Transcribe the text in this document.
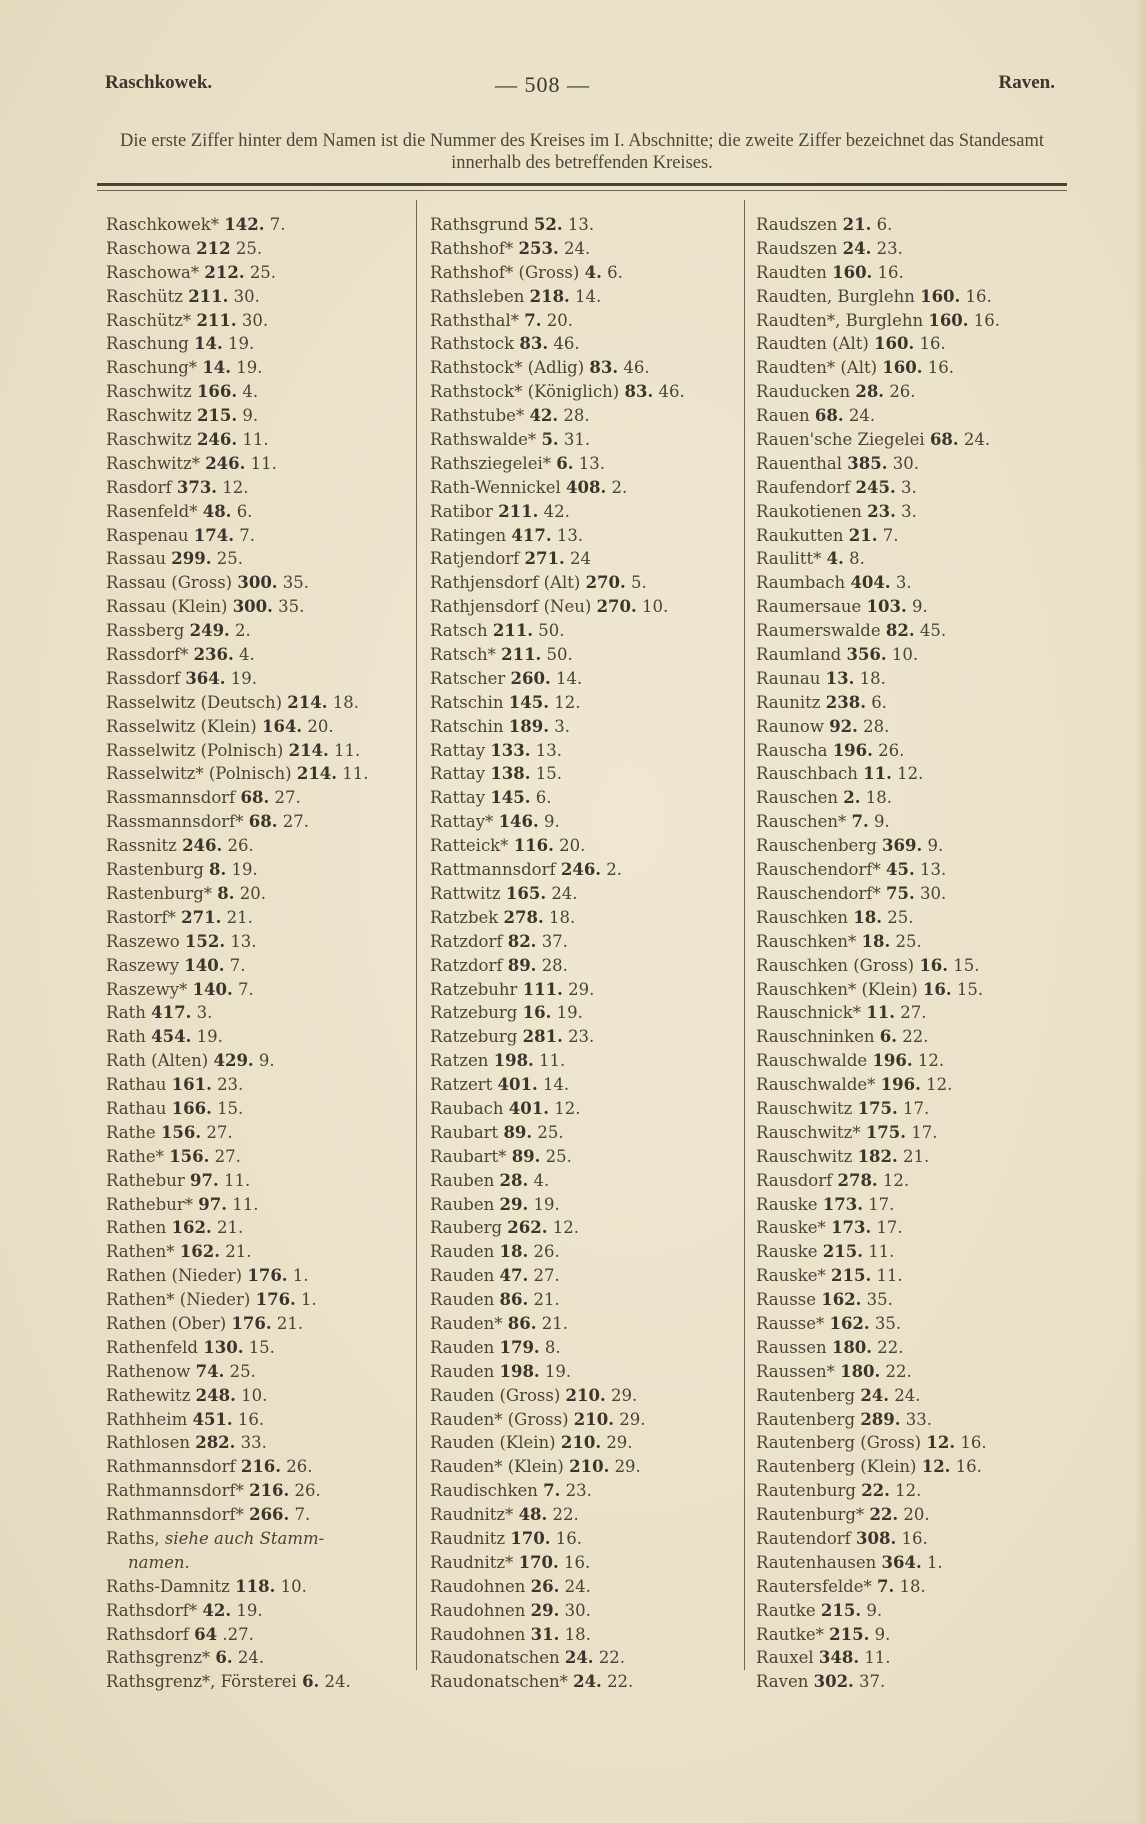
Raschkowek.	— 508 —	Raven.
Die erste Ziffer hinter dem Namen ist die Nummer des Kreises im I. Abschnitte; die zweite Ziffer bezeichnet das Standesamt innerhalb des betreffenden Kreises.
Raschkowek* 142. 7.
Raschowa 212 25.
Raschowa* 212. 25.
Raschütz 211. 30.
Raschütz* 211. 30.
Raschung 14. 19.
Raschung* 14. 19.
Raschwitz 166. 4.
Raschwitz 215. 9.
Raschwitz 246. 11.
Raschwitz* 246. 11.
Rasdorf 373. 12.
Rasenfeld* 48. 6.
Raspenau 174. 7.
Rassau 299. 25.
Rassau (Gross) 300. 35.
Rassau (Klein) 300. 35.
Rassberg 249. 2.
Rassdorf* 236. 4.
Rassdorf 364. 19.
Rasselwitz (Deutsch) 214. 18.
Rasselwitz (Klein) 164. 20.
Rasselwitz (Polnisch) 214. 11.
Rasselwitz* (Polnisch) 214. 11.
Rassmannsdorf 68. 27.
Rassmannsdorf* 68. 27.
Rassnitz 246. 26.
Rastenburg 8. 19.
Rastenburg* 8. 20.
Rastorf* 271. 21.
Raszewo 152. 13.
Raszewy 140. 7.
Raszewy* 140. 7.
Rath 417. 3.
Rath 454. 19.
Rath (Alten) 429. 9.
Rathau 161. 23.
Rathau 166. 15.
Rathe 156. 27.
Rathe* 156. 27.
Rathebur 97. 11.
Rathebur* 97. 11.
Rathen 162. 21.
Rathen* 162. 21.
Rathen (Nieder) 176. 1.
Rathen* (Nieder) 176. 1.
Rathen (Ober) 176. 21.
Rathenfeld 130. 15.
Rathenow 74. 25.
Rathewitz 248. 10.
Rathheim 451. 16.
Rathlosen 282. 33.
Rathmannsdorf 216. 26.
Rathmannsdorf* 216. 26.
Rathmannsdorf* 266. 7.
Raths, siehe auch Stamm-
namen.
Raths-Damnitz 118. 10.
Rathsdorf* 42. 19.
Rathsdorf 64 .27.
Rathsgrenz* 6. 24.
Rathsgrenz*, Försterei 6. 24.
Rathsgrund 52. 13.
Rathshof* 253. 24.
Rathshof* (Gross) 4. 6.
Rathsleben 218. 14.
Rathsthal* 7. 20.
Rathstock 83. 46.
Rathstock* (Adlig) 83. 46.
Rathstock* (Königlich) 83. 46.
Rathstube* 42. 28.
Rathswalde* 5. 31.
Rathsziegelei* 6. 13.
Rath-Wennickel 408. 2.
Ratibor 211. 42.
Ratingen 417. 13.
Ratjendorf 271. 24
Rathjensdorf (Alt) 270. 5.
Rathjensdorf (Neu) 270. 10.
Ratsch 211. 50.
Ratsch* 211. 50.
Ratscher 260. 14.
Ratschin 145. 12.
Ratschin 189. 3.
Rattay 133. 13.
Rattay 138. 15.
Rattay 145. 6.
Rattay* 146. 9.
Ratteick* 116. 20.
Rattmannsdorf 246. 2.
Rattwitz 165. 24.
Ratzbek 278. 18.
Ratzdorf 82. 37.
Ratzdorf 89. 28.
Ratzebuhr 111. 29.
Ratzeburg 16. 19.
Ratzeburg 281. 23.
Ratzen 198. 11.
Ratzert 401. 14.
Raubach 401. 12.
Raubart 89. 25.
Raubart* 89. 25.
Rauben 28. 4.
Rauben 29. 19.
Rauberg 262. 12.
Rauden 18. 26.
Rauden 47. 27.
Rauden 86. 21.
Rauden* 86. 21.
Rauden 179. 8.
Rauden 198. 19.
Rauden (Gross) 210. 29.
Rauden* (Gross) 210. 29.
Rauden (Klein) 210. 29.
Rauden* (Klein) 210. 29.
Raudischken 7. 23.
Raudnitz* 48. 22.
Raudnitz 170. 16.
Raudnitz* 170. 16.
Raudohnen 26. 24.
Raudohnen 29. 30.
Raudohnen 31. 18.
Raudonatschen 24. 22.
Raudonatschen* 24. 22.
Raudszen 21. 6.
Raudszen 24. 23.
Raudten 160. 16.
Raudten, Burglehn 160. 16.
Raudten*, Burglehn 160. 16.
Raudten (Alt) 160. 16.
Raudten* (Alt) 160. 16.
Rauducken 28. 26.
Rauen 68. 24.
Rauen'sche Ziegelei 68. 24.
Rauenthal 385. 30.
Raufendorf 245. 3.
Raukotienen 23. 3.
Raukutten 21. 7.
Raulitt* 4. 8.
Raumbach 404. 3.
Raumersaue 103. 9.
Raumerswalde 82. 45.
Raumland 356. 10.
Raunau 13. 18.
Raunitz 238. 6.
Raunow 92. 28.
Rauscha 196. 26.
Rauschbach 11. 12.
Rauschen 2. 18.
Rauschen* 7. 9.
Rauschenberg 369. 9.
Rauschendorf* 45. 13.
Rauschendorf* 75. 30.
Rauschken 18. 25.
Rauschken* 18. 25.
Rauschken (Gross) 16. 15.
Rauschken* (Klein) 16. 15.
Rauschnick* 11. 27.
Rauschninken 6. 22.
Rauschwalde 196. 12.
Rauschwalde* 196. 12.
Rauschwitz 175. 17.
Rauschwitz* 175. 17.
Rauschwitz 182. 21.
Rausdorf 278. 12.
Rauske 173. 17.
Rauske* 173. 17.
Rauske 215. 11.
Rauske* 215. 11.
Rausse 162. 35.
Rausse* 162. 35.
Raussen 180. 22.
Raussen* 180. 22.
Rautenberg 24. 24.
Rautenberg 289. 33.
Rautenberg (Gross) 12. 16.
Rautenberg (Klein) 12. 16.
Rautenburg 22. 12.
Rautenburg* 22. 20.
Rautendorf 308. 16.
Rautenhausen 364. 1.
Rautersfelde* 7. 18.
Rautke 215. 9.
Rautke* 215. 9.
Rauxel 348. 11.
Raven 302. 37.
